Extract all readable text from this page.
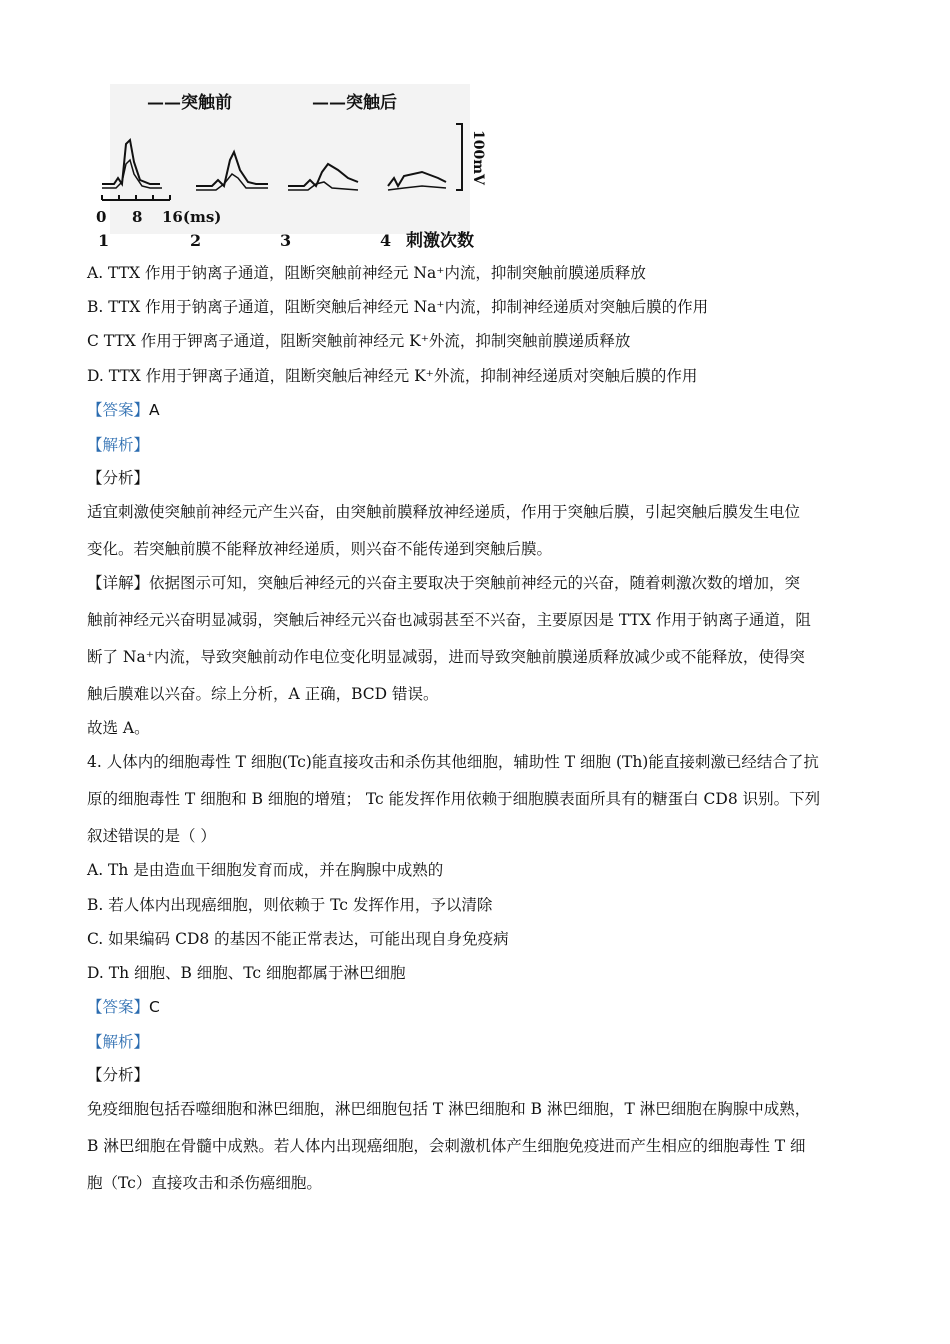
——突触前	——突触后
100mV
0 8 16(ms)
1	2	3	4 刺激次数
A. TTX 作用于钠离子通道，阻断突触前神经元 Na⁺内流，抑制突触前膜递质释放
B. TTX 作用于钠离子通道，阻断突触后神经元 Na⁺内流，抑制神经递质对突触后膜的作用
C TTX 作用于钾离子通道，阻断突触前神经元 K⁺外流，抑制突触前膜递质释放
D. TTX 作用于钾离子通道，阻断突触后神经元 K⁺外流，抑制神经递质对突触后膜的作用
【答案】A
【解析】
【分析】
适宜刺激使突触前神经元产生兴奋，由突触前膜释放神经递质，作用于突触后膜，引起突触后膜发生电位
变化。若突触前膜不能释放神经递质，则兴奋不能传递到突触后膜。
【详解】依据图示可知，突触后神经元的兴奋主要取决于突触前神经元的兴奋，随着刺激次数的增加，突
触前神经元兴奋明显减弱，突触后神经元兴奋也减弱甚至不兴奋，主要原因是 TTX 作用于钠离子通道，阻
断了 Na⁺内流，导致突触前动作电位变化明显减弱，进而导致突触前膜递质释放减少或不能释放，使得突
触后膜难以兴奋。综上分析，A 正确，BCD 错误。
故选 A。
4. 人体内的细胞毒性 T 细胞(Tc)能直接攻击和杀伤其他细胞，辅助性 T 细胞 (Th)能直接刺激已经结合了抗
原的细胞毒性 T 细胞和 B 细胞的增殖； Tc 能发挥作用依赖于细胞膜表面所具有的糖蛋白 CD8 识别。下列
叙述错误的是（ ）
A. Th 是由造血干细胞发育而成，并在胸腺中成熟的
B. 若人体内出现癌细胞，则依赖于 Tc 发挥作用，予以清除
C. 如果编码 CD8 的基因不能正常表达，可能出现自身免疫病
D. Th 细胞、B 细胞、Tc 细胞都属于淋巴细胞
【答案】C
【解析】
【分析】
免疫细胞包括吞噬细胞和淋巴细胞，淋巴细胞包括 T 淋巴细胞和 B 淋巴细胞，T 淋巴细胞在胸腺中成熟，
B 淋巴细胞在骨髓中成熟。若人体内出现癌细胞，会刺激机体产生细胞免疫进而产生相应的细胞毒性 T 细
胞（Tc）直接攻击和杀伤癌细胞。
